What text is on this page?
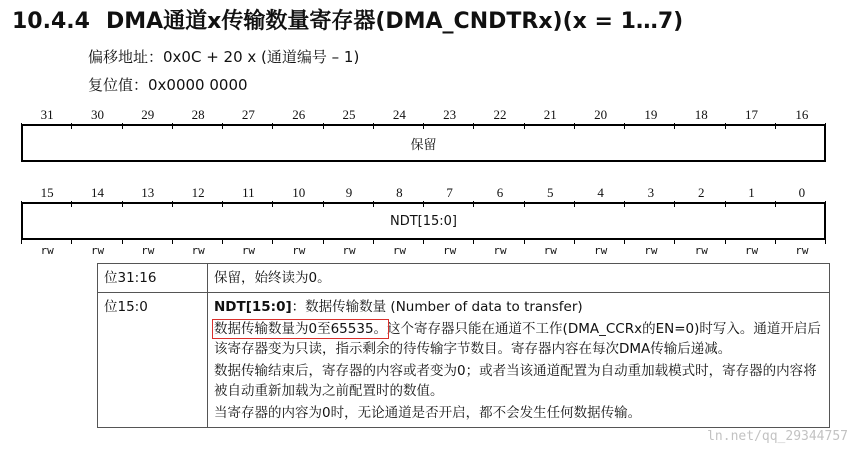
10.4.4 DMA通道x传输数量寄存器(DMA_CNDTRx)(x = 1…7)
偏移地址：0x0C + 20 x (通道编号 – 1)
复位值：0x0000 0000
31	30	29	28	27	26	25	24	23	22	21	20	19	18	17	16
保留
15	14	13	12	11	10	9	8	7	6	5	4	3	2	1	0
NDT[15:0]
rw	rw	rw	rw	rw	rw	rw	rw	rw	rw	rw	rw	rw	rw	rw	rw
位31:16	保留，始终读为0。
位15:0	NDT[15:0]：数据传输数量 (Number of data to transfer)

数据传输数量为0至65535。这个寄存器只能在通道不工作(DMA_CCRx的EN=0)时写入。通道开启后该寄存器变为只读，指示剩余的待传输字节数目。寄存器内容在每次DMA传输后递减。

数据传输结束后，寄存器的内容或者变为0；或者当该通道配置为自动重加载模式时，寄存器的内容将被自动重新加载为之前配置时的数值。

当寄存器的内容为0时，无论通道是否开启，都不会发生任何数据传输。

ln.net/qq_29344757
